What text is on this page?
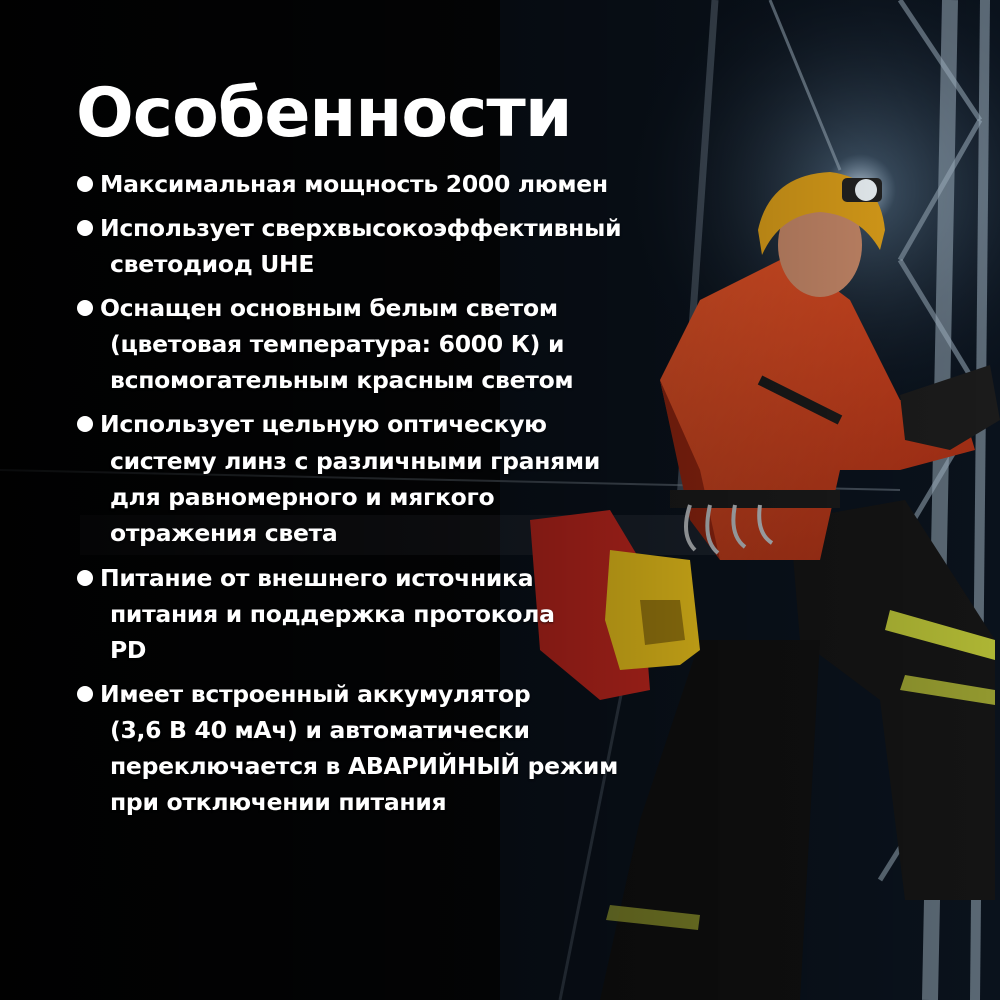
Особенности
Максимальная мощность 2000 люмен
Использует сверхвысокоэффективный
светодиод UHE
Оснащен основным белым светом
(цветовая температура: 6000 К) и
вспомогательным красным светом
Использует цельную оптическую
систему линз с различными гранями
для равномерного и мягкого
отражения света
Питание от внешнего источника
питания и поддержка протокола
PD
Имеет встроенный аккумулятор
(3,6 В 40 мАч) и автоматически
переключается в АВАРИЙНЫЙ режим
при отключении питания
